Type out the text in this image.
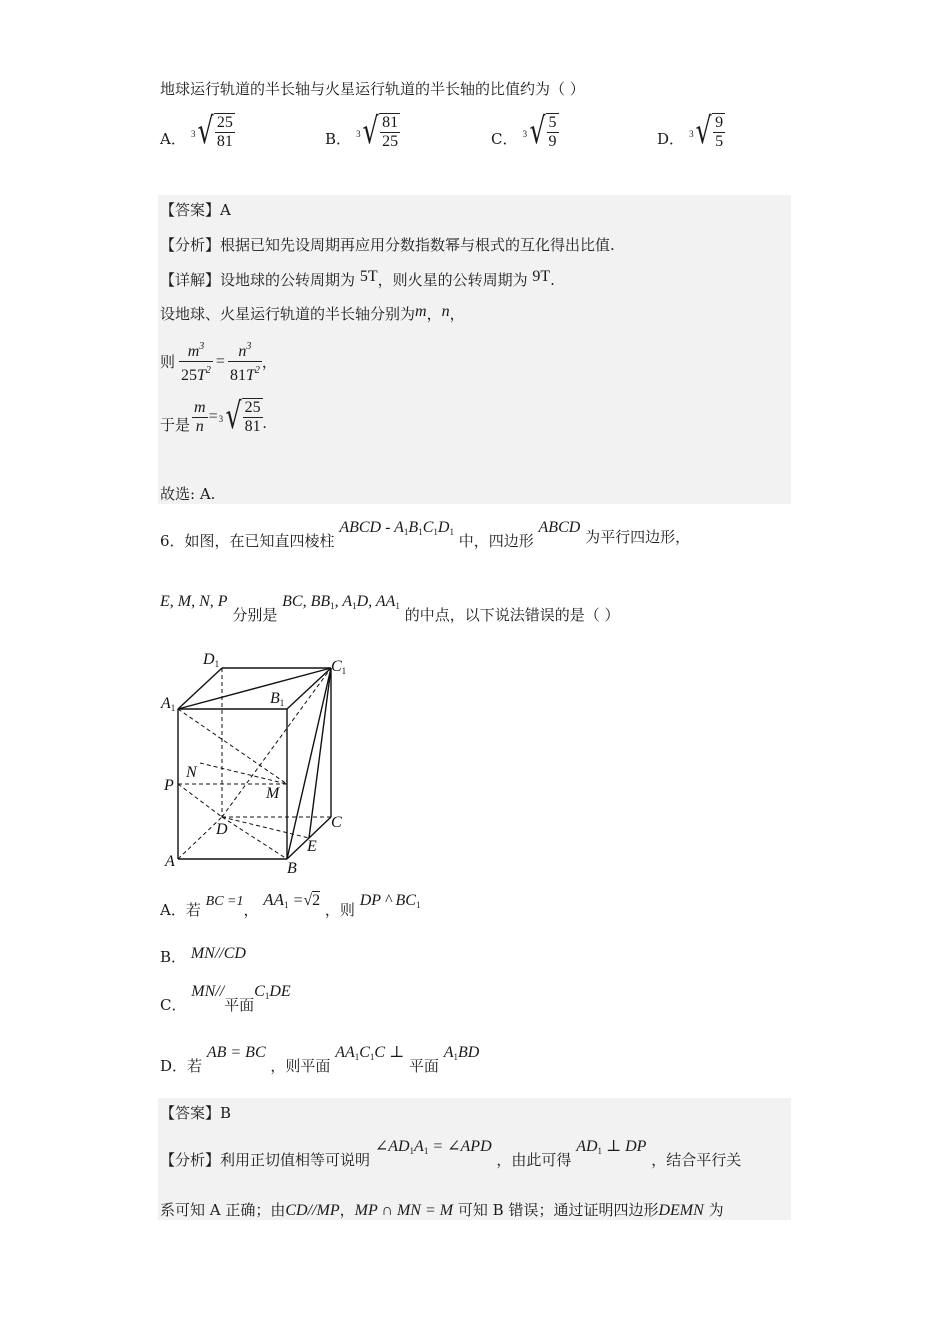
地球运行轨道的半长轴与火星运行轨道的半长轴的比值约为（ ）
A． 3 √ $\frac{25}{81}$	B． 3 √ $\frac{81}{25}$	C． 3 √ $\frac{5}{9}$	D． 3 √ $\frac{9}{5}$
【答案】A
【分析】根据已知先设周期再应用分数指数幂与根式的互化得出比值.
【详解】设地球的公转周期为 5T，则火星的公转周期为 9T.
设地球、火星运行轨道的半长轴分别为m，n，
则 $\frac{m^3}{25T^2} = \frac{n^3}{81T^2}$ ，
于是 $\frac{m}{n} = 3$ √ $\frac{25}{81}$ .
故选: A.
6．如图，在已知直四棱柱 ABCD - $A_1B_1C_1D_1$ 中，四边形 ABCD 为平行四边形，
E, M, N, P 分别是 BC, $BB_1$, $A_1D$, $AA_1$ 的中点，以下说法错误的是（ ）
D1	C1
A1
B1
N
P	M
D	C
E
A	B
A．若 BC =1， $AA_1 =√2$ ，则 DP ^ $BC_1$
B． MN//CD
C． MN//平面$C_1DE$
D．若 AB = BC ，则平面 $AA_1C_1C$ ⊥ 平面 $A_1BD$
【答案】B
【分析】利用正切值相等可说明 $\angle AD_1A_1$ = ∠APD ，由此可得 $AD_1$ ⊥ DP ，结合平行关
系可知 A 正确；由CD//MP，MP ∩ MN = M 可知 B 错误；通过证明四边形DEMN 为
